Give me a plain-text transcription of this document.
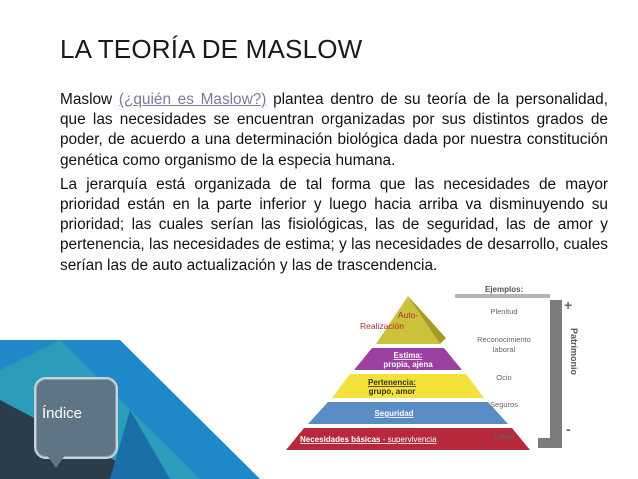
LA TEORÍA DE MASLOW

Maslow (¿quién es Maslow?) plantea dentro de su teoría de la personalidad, que las necesidades se encuentran organizadas por sus distintos grados de poder, de acuerdo a una determinación biológica dada por nuestra constitución genética como organismo de la especia humana.

La jerarquía está organizada de tal forma que las necesidades de mayor prioridad están en la parte inferior y luego hacia arriba va disminuyendo su prioridad; las cuales serían las fisiológicas, las de seguridad, las de amor y pertenencia, las necesidades de estima; y las necesidades de desarrollo, cuales serían las de auto actualización y las de trascendencia.

Índice
Auto-
Realización
Estima:
propia, ajena
Pertenencia:
grupo, amor
Seguridad
Necesidades básicas - supervivencia
Ejemplos:
Plenitud
Reconocimiento
laboral
Ocio
Seguros
Cobijo
+
-
Patrimonio
